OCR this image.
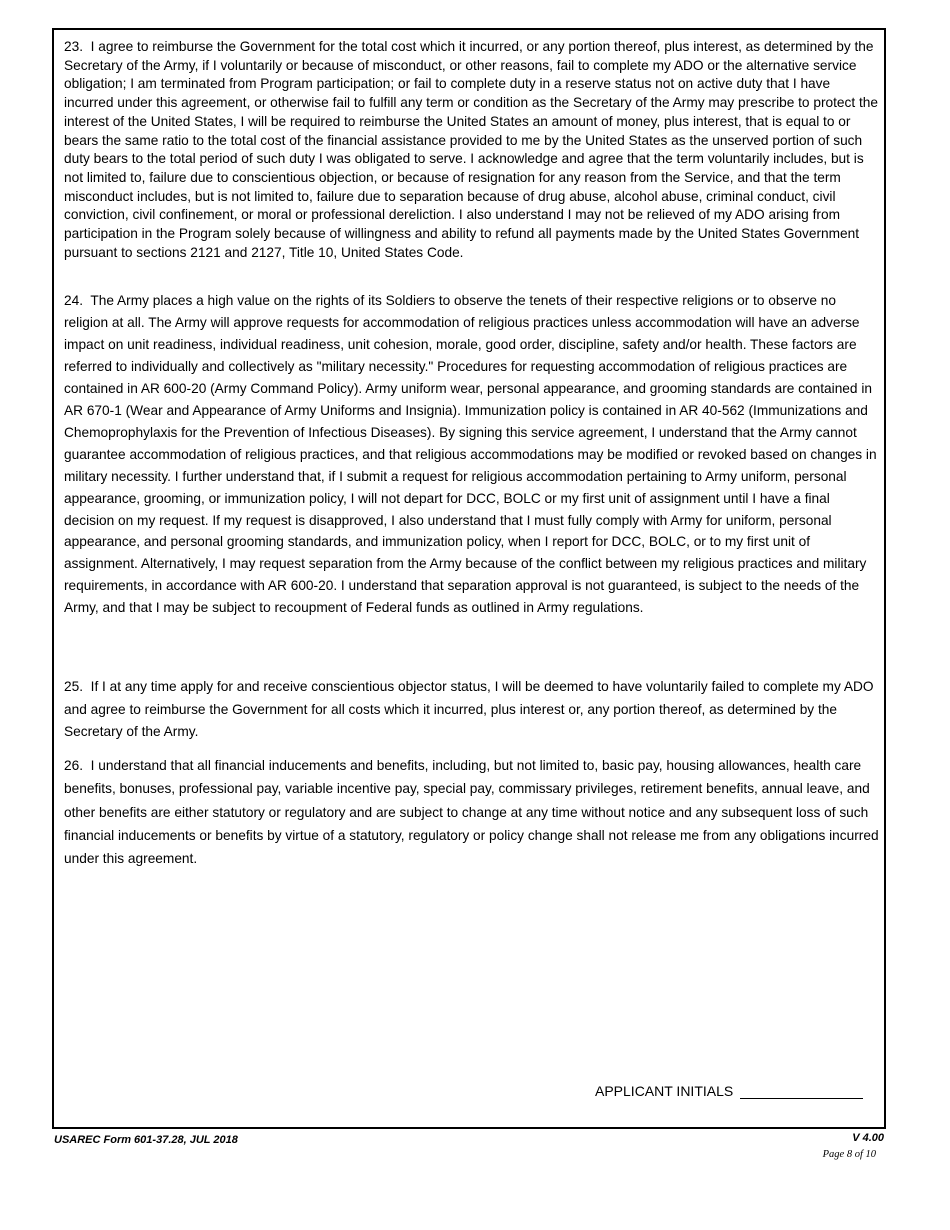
23. I agree to reimburse the Government for the total cost which it incurred, or any portion thereof, plus interest, as determined by the Secretary of the Army, if I voluntarily or because of misconduct, or other reasons, fail to complete my ADO or the alternative service obligation; I am terminated from Program participation; or fail to complete duty in a reserve status not on active duty that I have incurred under this agreement, or otherwise fail to fulfill any term or condition as the Secretary of the Army may prescribe to protect the interest of the United States, I will be required to reimburse the United States an amount of money, plus interest, that is equal to or bears the same ratio to the total cost of the financial assistance provided to me by the United States as the unserved portion of such duty bears to the total period of such duty I was obligated to serve. I acknowledge and agree that the term voluntarily includes, but is not limited to, failure due to conscientious objection, or because of resignation for any reason from the Service, and that the term misconduct includes, but is not limited to, failure due to separation because of drug abuse, alcohol abuse, criminal conduct, civil conviction, civil confinement, or moral or professional dereliction. I also understand I may not be relieved of my ADO arising from participation in the Program solely because of willingness and ability to refund all payments made by the United States Government pursuant to sections 2121 and 2127, Title 10, United States Code.

24. The Army places a high value on the rights of its Soldiers to observe the tenets of their respective religions or to observe no religion at all. The Army will approve requests for accommodation of religious practices unless accommodation will have an adverse impact on unit readiness, individual readiness, unit cohesion, morale, good order, discipline, safety and/or health. These factors are referred to individually and collectively as "military necessity." Procedures for requesting accommodation of religious practices are contained in AR 600-20 (Army Command Policy). Army uniform wear, personal appearance, and grooming standards are contained in AR 670-1 (Wear and Appearance of Army Uniforms and Insignia). Immunization policy is contained in AR 40-562 (Immunizations and Chemoprophylaxis for the Prevention of Infectious Diseases). By signing this service agreement, I understand that the Army cannot guarantee accommodation of religious practices, and that religious accommodations may be modified or revoked based on changes in military necessity. I further understand that, if I submit a request for religious accommodation pertaining to Army uniform, personal appearance, grooming, or immunization policy, I will not depart for DCC, BOLC or my first unit of assignment until I have a final decision on my request. If my request is disapproved, I also understand that I must fully comply with Army for uniform, personal appearance, and personal grooming standards, and immunization policy, when I report for DCC, BOLC, or to my first unit of assignment. Alternatively, I may request separation from the Army because of the conflict between my religious practices and military requirements, in accordance with AR 600-20. I understand that separation approval is not guaranteed, is subject to the needs of the Army, and that I may be subject to recoupment of Federal funds as outlined in Army regulations.

25. If I at any time apply for and receive conscientious objector status, I will be deemed to have voluntarily failed to complete my ADO and agree to reimburse the Government for all costs which it incurred, plus interest or, any portion thereof, as determined by the Secretary of the Army.

26. I understand that all financial inducements and benefits, including, but not limited to, basic pay, housing allowances, health care benefits, bonuses, professional pay, variable incentive pay, special pay, commissary privileges, retirement benefits, annual leave, and other benefits are either statutory or regulatory and are subject to change at any time without notice and any subsequent loss of such financial inducements or benefits by virtue of a statutory, regulatory or policy change shall not release me from any obligations incurred under this agreement.

APPLICANT INITIALS
USAREC Form 601-37.28, JUL 2018	V 4.00
Page 8 of 10
